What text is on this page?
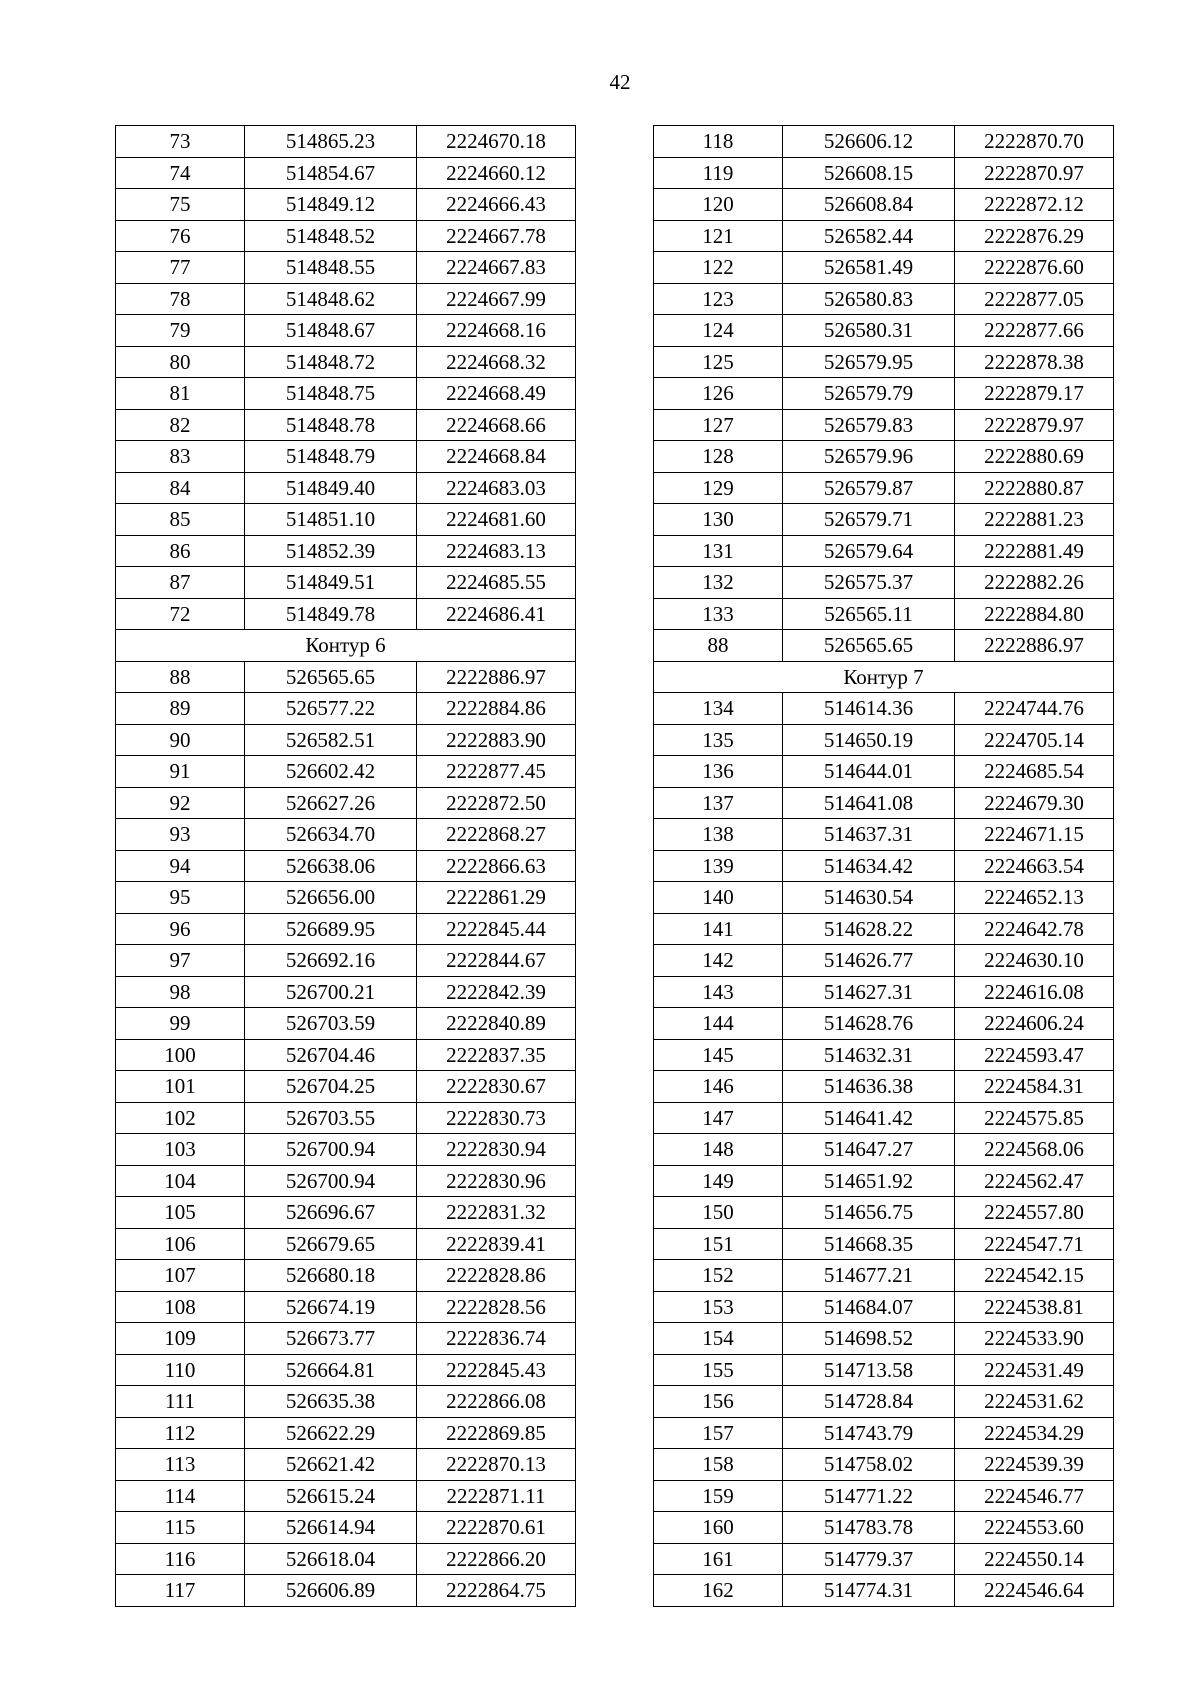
42
73	514865.23	2224670.18
74	514854.67	2224660.12
75	514849.12	2224666.43
76	514848.52	2224667.78
77	514848.55	2224667.83
78	514848.62	2224667.99
79	514848.67	2224668.16
80	514848.72	2224668.32
81	514848.75	2224668.49
82	514848.78	2224668.66
83	514848.79	2224668.84
84	514849.40	2224683.03
85	514851.10	2224681.60
86	514852.39	2224683.13
87	514849.51	2224685.55
72	514849.78	2224686.41
Контур 6		
88	526565.65	2222886.97
89	526577.22	2222884.86
90	526582.51	2222883.90
91	526602.42	2222877.45
92	526627.26	2222872.50
93	526634.70	2222868.27
94	526638.06	2222866.63
95	526656.00	2222861.29
96	526689.95	2222845.44
97	526692.16	2222844.67
98	526700.21	2222842.39
99	526703.59	2222840.89
100	526704.46	2222837.35
101	526704.25	2222830.67
102	526703.55	2222830.73
103	526700.94	2222830.94
104	526700.94	2222830.96
105	526696.67	2222831.32
106	526679.65	2222839.41
107	526680.18	2222828.86
108	526674.19	2222828.56
109	526673.77	2222836.74
110	526664.81	2222845.43
111	526635.38	2222866.08
112	526622.29	2222869.85
113	526621.42	2222870.13
114	526615.24	2222871.11
115	526614.94	2222870.61
116	526618.04	2222866.20
117	526606.89	2222864.75
118	526606.12	2222870.70
119	526608.15	2222870.97
120	526608.84	2222872.12
121	526582.44	2222876.29
122	526581.49	2222876.60
123	526580.83	2222877.05
124	526580.31	2222877.66
125	526579.95	2222878.38
126	526579.79	2222879.17
127	526579.83	2222879.97
128	526579.96	2222880.69
129	526579.87	2222880.87
130	526579.71	2222881.23
131	526579.64	2222881.49
132	526575.37	2222882.26
133	526565.11	2222884.80
88	526565.65	2222886.97
Контур 7		
134	514614.36	2224744.76
135	514650.19	2224705.14
136	514644.01	2224685.54
137	514641.08	2224679.30
138	514637.31	2224671.15
139	514634.42	2224663.54
140	514630.54	2224652.13
141	514628.22	2224642.78
142	514626.77	2224630.10
143	514627.31	2224616.08
144	514628.76	2224606.24
145	514632.31	2224593.47
146	514636.38	2224584.31
147	514641.42	2224575.85
148	514647.27	2224568.06
149	514651.92	2224562.47
150	514656.75	2224557.80
151	514668.35	2224547.71
152	514677.21	2224542.15
153	514684.07	2224538.81
154	514698.52	2224533.90
155	514713.58	2224531.49
156	514728.84	2224531.62
157	514743.79	2224534.29
158	514758.02	2224539.39
159	514771.22	2224546.77
160	514783.78	2224553.60
161	514779.37	2224550.14
162	514774.31	2224546.64
